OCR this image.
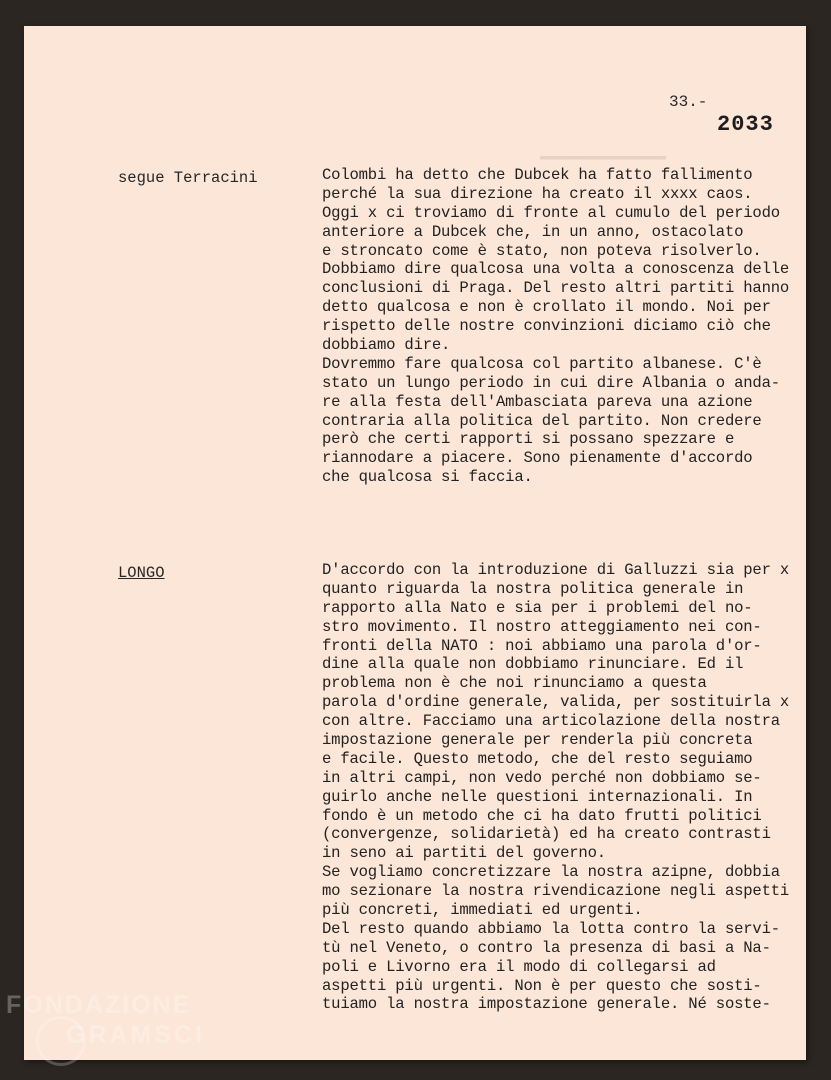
▬▬▬▬▬▬▬▬▬▬▬▬▬▬
33.-
2033
segue Terracini	Colombi ha detto che Dubcek ha fatto fallimento
perché la sua direzione ha creato il xxxx caos.
Oggi x ci troviamo di fronte al cumulo del periodo
anteriore a Dubcek che, in un anno, ostacolato
e stroncato come è stato, non poteva risolverlo.
Dobbiamo dire qualcosa una volta a conoscenza delle
conclusioni di Praga. Del resto altri partiti hanno
detto qualcosa e non è crollato il mondo. Noi per
rispetto delle nostre convinzioni diciamo ciò che
dobbiamo dire.
Dovremmo fare qualcosa col partito albanese. C'è
stato un lungo periodo in cui dire Albania o anda-
re alla festa dell'Ambasciata pareva una azione
contraria alla politica del partito. Non credere
però che certi rapporti si possano spezzare e
riannodare a piacere. Sono pienamente d'accordo
che qualcosa si faccia.
LONGO	D'accordo con la introduzione di Galluzzi sia per x
quanto riguarda la nostra politica generale in
rapporto alla Nato e sia per i problemi del no-
stro movimento. Il nostro atteggiamento nei con-
fronti della NATO : noi abbiamo una parola d'or-
dine alla quale non dobbiamo rinunciare. Ed il
problema non è che noi rinunciamo a questa
parola d'ordine generale, valida, per sostituirla x
con altre. Facciamo una articolazione della nostra
impostazione generale per renderla più concreta
e facile. Questo metodo, che del resto seguiamo
in altri campi, non vedo perché non dobbiamo se-
guirlo anche nelle questioni internazionali. In
fondo è un metodo che ci ha dato frutti politici
(convergenze, solidarietà) ed ha creato contrasti
in seno ai partiti del governo.
Se vogliamo concretizzare la nostra azipne, dobbia
mo sezionare la nostra rivendicazione negli aspetti
più concreti, immediati ed urgenti.
Del resto quando abbiamo la lotta contro la servi-
tù nel Veneto, o contro la presenza di basi a Na-
poli e Livorno era il modo di collegarsi ad
aspetti più urgenti. Non è per questo che sosti-
tuiamo la nostra impostazione generale. Né soste-
FONDAZIONE
GRAMSCI
